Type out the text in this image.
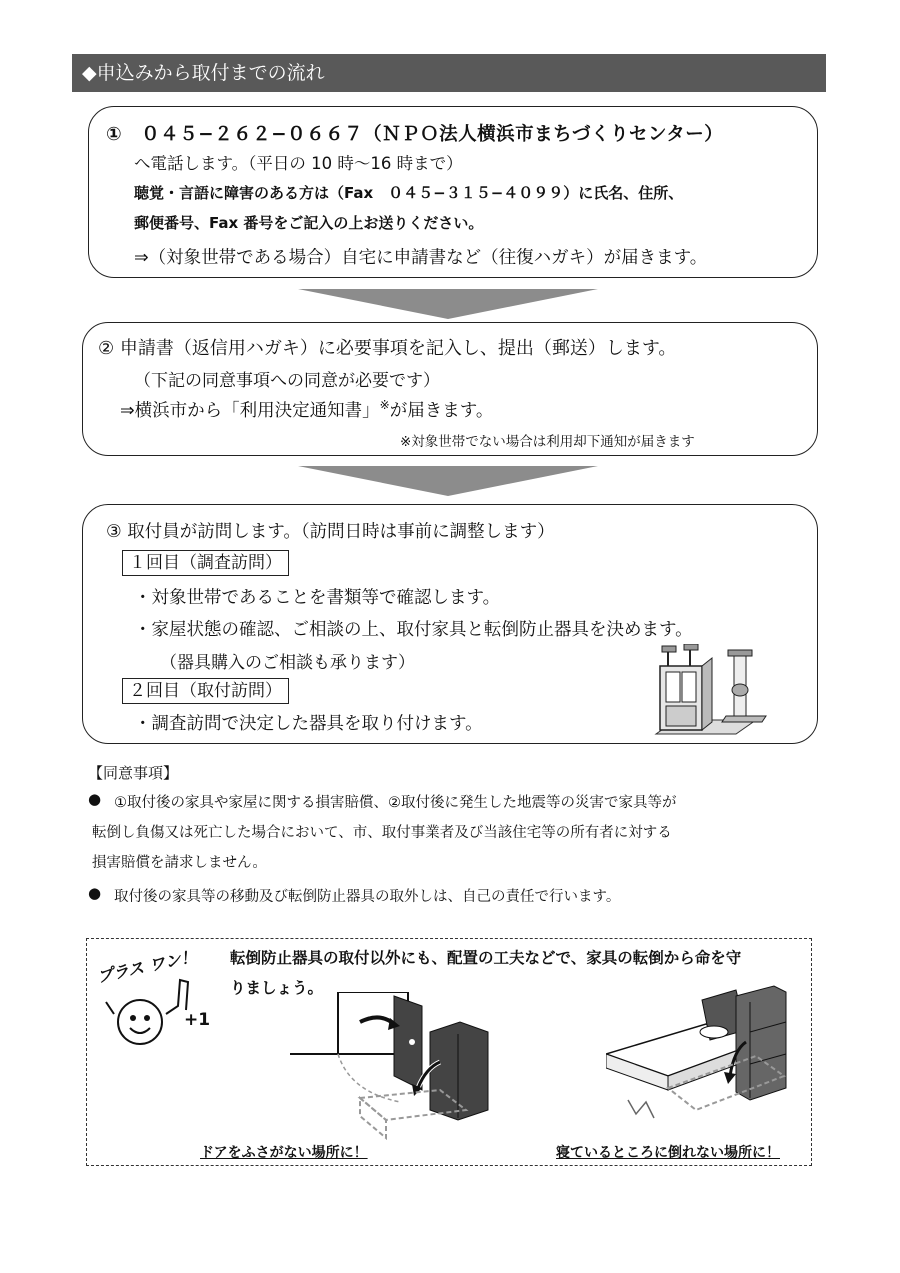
◆申込みから取付までの流れ
①　０４５−２６２−０６６７（ＮＰＯ法人横浜市まちづくりセンター）
へ電話します。（平日の 10 時～16 時まで）
聴覚・言語に障害のある方は（Fax　０４５−３１５−４０９９）に氏名、住所、
郵便番号、Fax 番号をご記入の上お送りください。
⇒（対象世帯である場合）自宅に申請書など（往復ハガキ）が届きます。
② 申請書（返信用ハガキ）に必要事項を記入し、提出（郵送）します。
（下記の同意事項への同意が必要です）
⇒横浜市から「利用決定通知書」※が届きます。
※対象世帯でない場合は利用却下通知が届きます
③ 取付員が訪問します。（訪問日時は事前に調整します）
１回目（調査訪問）
・対象世帯であることを書類等で確認します。
・家屋状態の確認、ご相談の上、取付家具と転倒防止器具を決めます。
（器具購入のご相談も承ります）
２回目（取付訪問）
・調査訪問で決定した器具を取り付けます。
【同意事項】
● ①取付後の家具や家屋に関する損害賠償、②取付後に発生した地震等の災害で家具等が
転倒し負傷又は死亡した場合において、市、取付事業者及び当該住宅等の所有者に対する
損害賠償を請求しません。
● 取付後の家具等の移動及び転倒防止器具の取外しは、自己の責任で行います。
プラス ワン！
+1
転倒防止器具の取付以外にも、配置の工夫などで、家具の転倒から命を守
りましょう。
ドアをふさがない場所に！	寝ているところに倒れない場所に！
